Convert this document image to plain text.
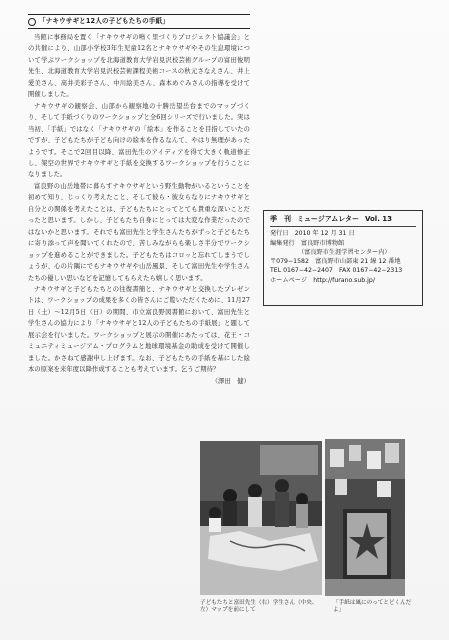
「ナキウサギと12人の子どもたちの手紙」

当館に事務局を置く「ナキウサギの鳴く里づくりプロジェクト協議会」との共催により、山部小学校3年生児童12名とナキウサギやその生息環境について学ぶワークショップを北海道教育大学岩見沢校芸術グループの富田俊明先生、北海道教育大学岩見沢校芸術課程美術コースの秋元さなえさん、井上愛美さん、髙井美彩子さん、中川絵美さん、森本めぐみさんの指導を受けて開催しました。

ナキウサギの観察会、山部から観察地の十勝岳望岳台までのマップづくり、そして手紙づくりのワークショップと全6回シリーズで行いました。実は当初、「手紙」ではなく「ナキウサギの「絵本」を作ることを目指していたのですが、子どもたちが子ども向けの絵本を作るなんて、やはり無理があったようです。そこで2回目以降、富田先生のアイディアを得て大きく軌道修正し、架空の世界でナキウサギと手紙を交換するワークショップを行うことになりました。

富良野の山岳地帯に暮らすナキウサギという野生動物がいるということを初めて知り、じっくり考えたこと、そして彼ら・彼女らなりにナキウサギと自分との関係を考えたことは、子どもたちにとってとても貴重な深いことだったと思います。しかし、子どもたち自身にとっては大変な作業だったのではないかと思います。それでも富田先生と学生さんたちがずっと子どもたちに寄り添って声を聞いてくれたので、苦しみながらも楽しさ半分でワークショップを進めることができました。子どもたちはコロッと忘れてしまうでしょうが、心の片隅にでもナキウサギや山岳風景、そして富田先生や学生さんたちの優しい思いなどを記憶してもらえたら嬉しく思います。

ナキウサギと子どもたちとの往復書簡と、ナキウサギと交換したプレゼントは、ワークショップの成果を多くの皆さんにご覧いただくために、11月27日（土）〜12月5日（日）の期間、市立富良野図書館において、富田先生と学生さんの協力により「ナキウサギと12人の子どもたちの手紙展」と題して展示会を行いました。ワークショップと展示の開催にあたっては、花王・コミュニティミュージアム・プログラムと地球環境基金の助成を受けて開催しました。かさねて感謝申し上げます。なお、子どもたちの手紙を基にした絵本の原案を来年度以降作成することも考えています。乞うご期待？

（澤田　健）
季　刊 ミュージアムレター Vol. 13
発行日　2010 年 12 月 31 日
編集発行　富良野市博物館
（富良野市生涯学習センター内）
〒079−1582　富良野市山部東 21 線 12 番地
TEL 0167−42−2407　FAX 0167−42−2313
ホームページ　http://furano.sub.jp/
子どもたちと富田先生（右）学生さん（中央、左）マップを前にして
「手紙は風にのってとどくんだよ」
